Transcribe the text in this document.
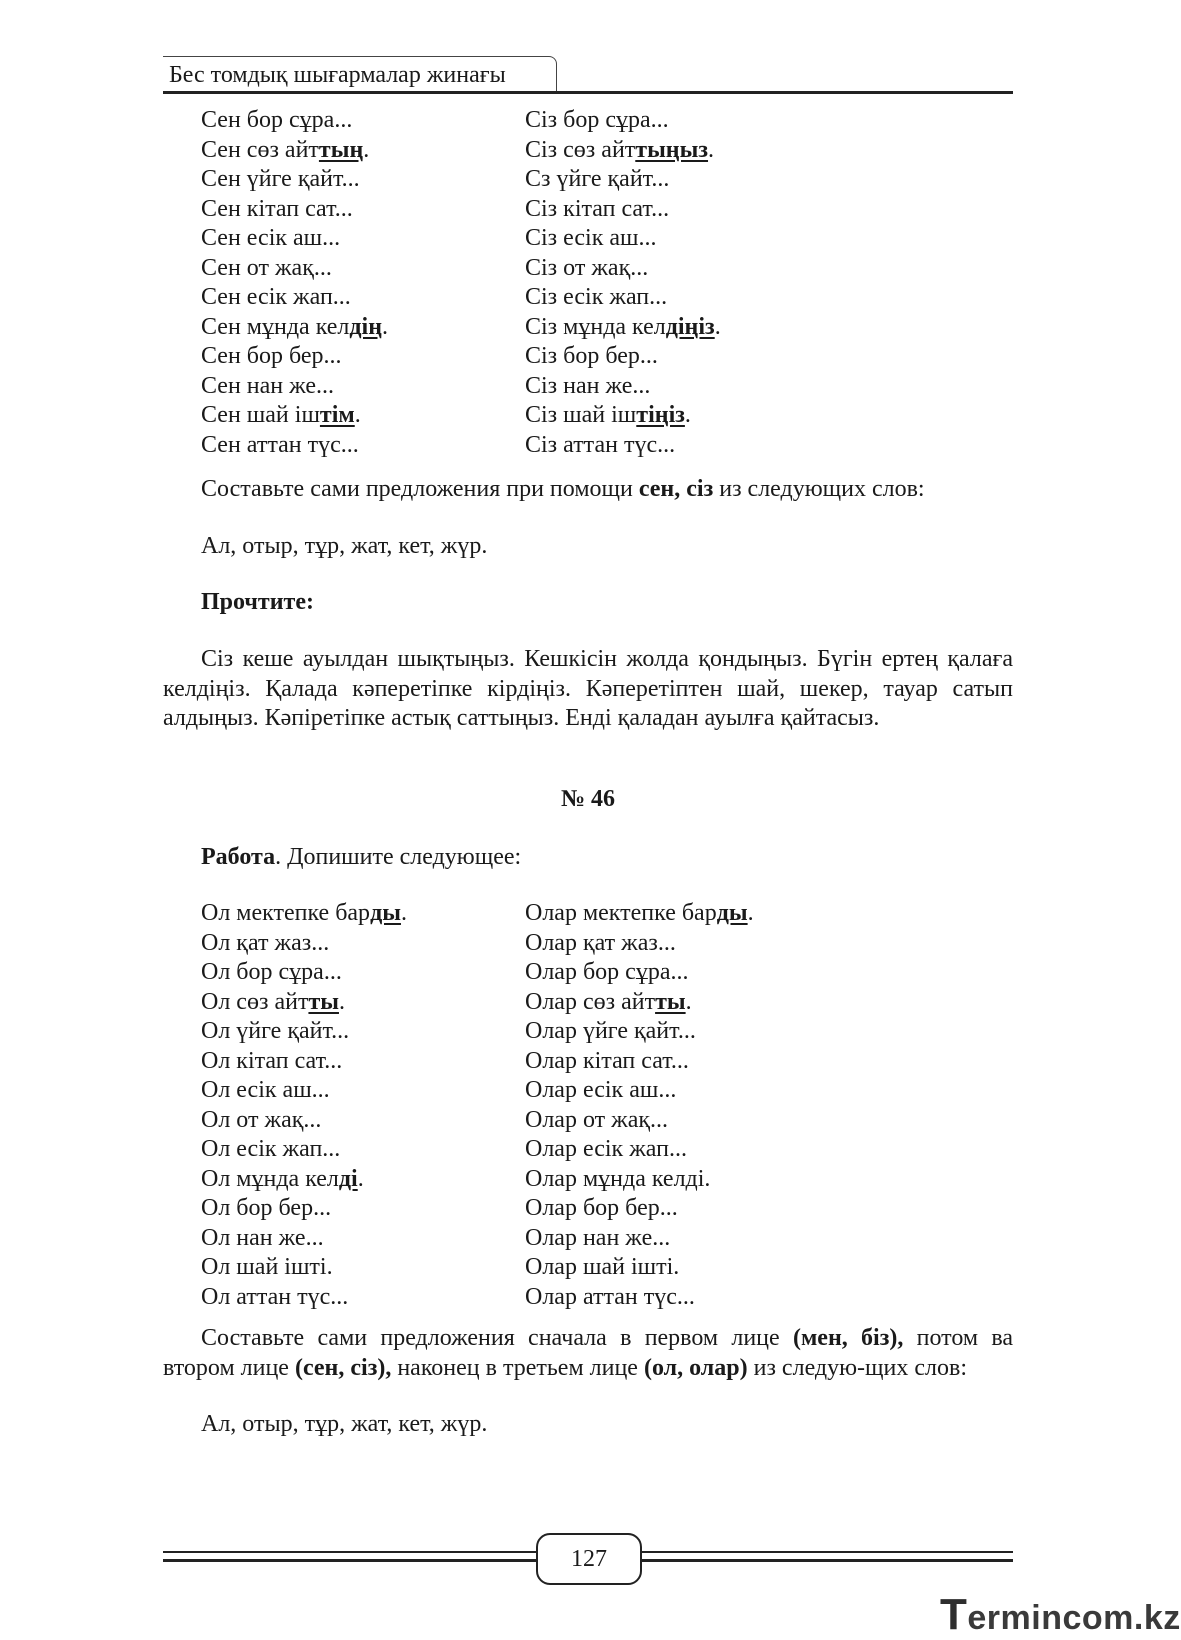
Бес томдық шығармалар жинағы
Сен бор сұра...
Сен сөз айттың.
Сен үйге қайт...
Сен кітап сат...
Сен есік аш...
Сен от жақ...
Сен есік жап...
Сен мұнда келдің.
Сен бор бер...
Сен нан же...
Сен шай іштім.
Сен аттан түс...
Сіз бор сұра...
Сіз сөз айттыңыз.
Сз үйге қайт...
Сіз кітап сат...
Сіз есік аш...
Сіз от жақ...
Сіз есік жап...
Сіз мұнда келдіңіз.
Сіз бор бер...
Сіз нан же...
Сіз шай іштіңіз.
Сіз аттан түс...
Составьте сами предложения при помощи сен, сіз из следующих слов:
Ал, отыр, тұр, жат, кет, жүр.
Прочтите:
Сіз кеше ауылдан шықтыңыз. Кешкісін жолда қондыңыз. Бүгін ертең қалаға келдіңіз. Қалада кәперетіпке кірдіңіз. Кәперетіптен шай, шекер, тауар сатып алдыңыз. Кәпіретіпке астық саттыңыз. Енді қаладан ауылға қайтасыз.
№ 46
Работа. Допишите следующее:
Ол мектепке барды.
Ол қат жаз...
Ол бор сұра...
Ол сөз айтты.
Ол үйге қайт...
Ол кітап сат...
Ол есік аш...
Ол от жақ...
Ол есік жап...
Ол мұнда келді.
Ол бор бер...
Ол нан же...
Ол шай ішті.
Ол аттан түс...
Олар мектепке барды.
Олар қат жаз...
Олар бор сұра...
Олар сөз айтты.
Олар үйге қайт...
Олар кітап сат...
Олар есік аш...
Олар от жақ...
Олар есік жап...
Олар мұнда келді.
Олар бор бер...
Олар нан же...
Олар шай ішті.
Олар аттан түс...
Составьте сами предложения сначала в первом лице (мен, біз), потом ва втором лице (сен, сіз), наконец в третьем лице (ол, олар) из следую-щих слов:
Ал, отыр, тұр, жат, кет, жүр.
127
Termincom.kz
